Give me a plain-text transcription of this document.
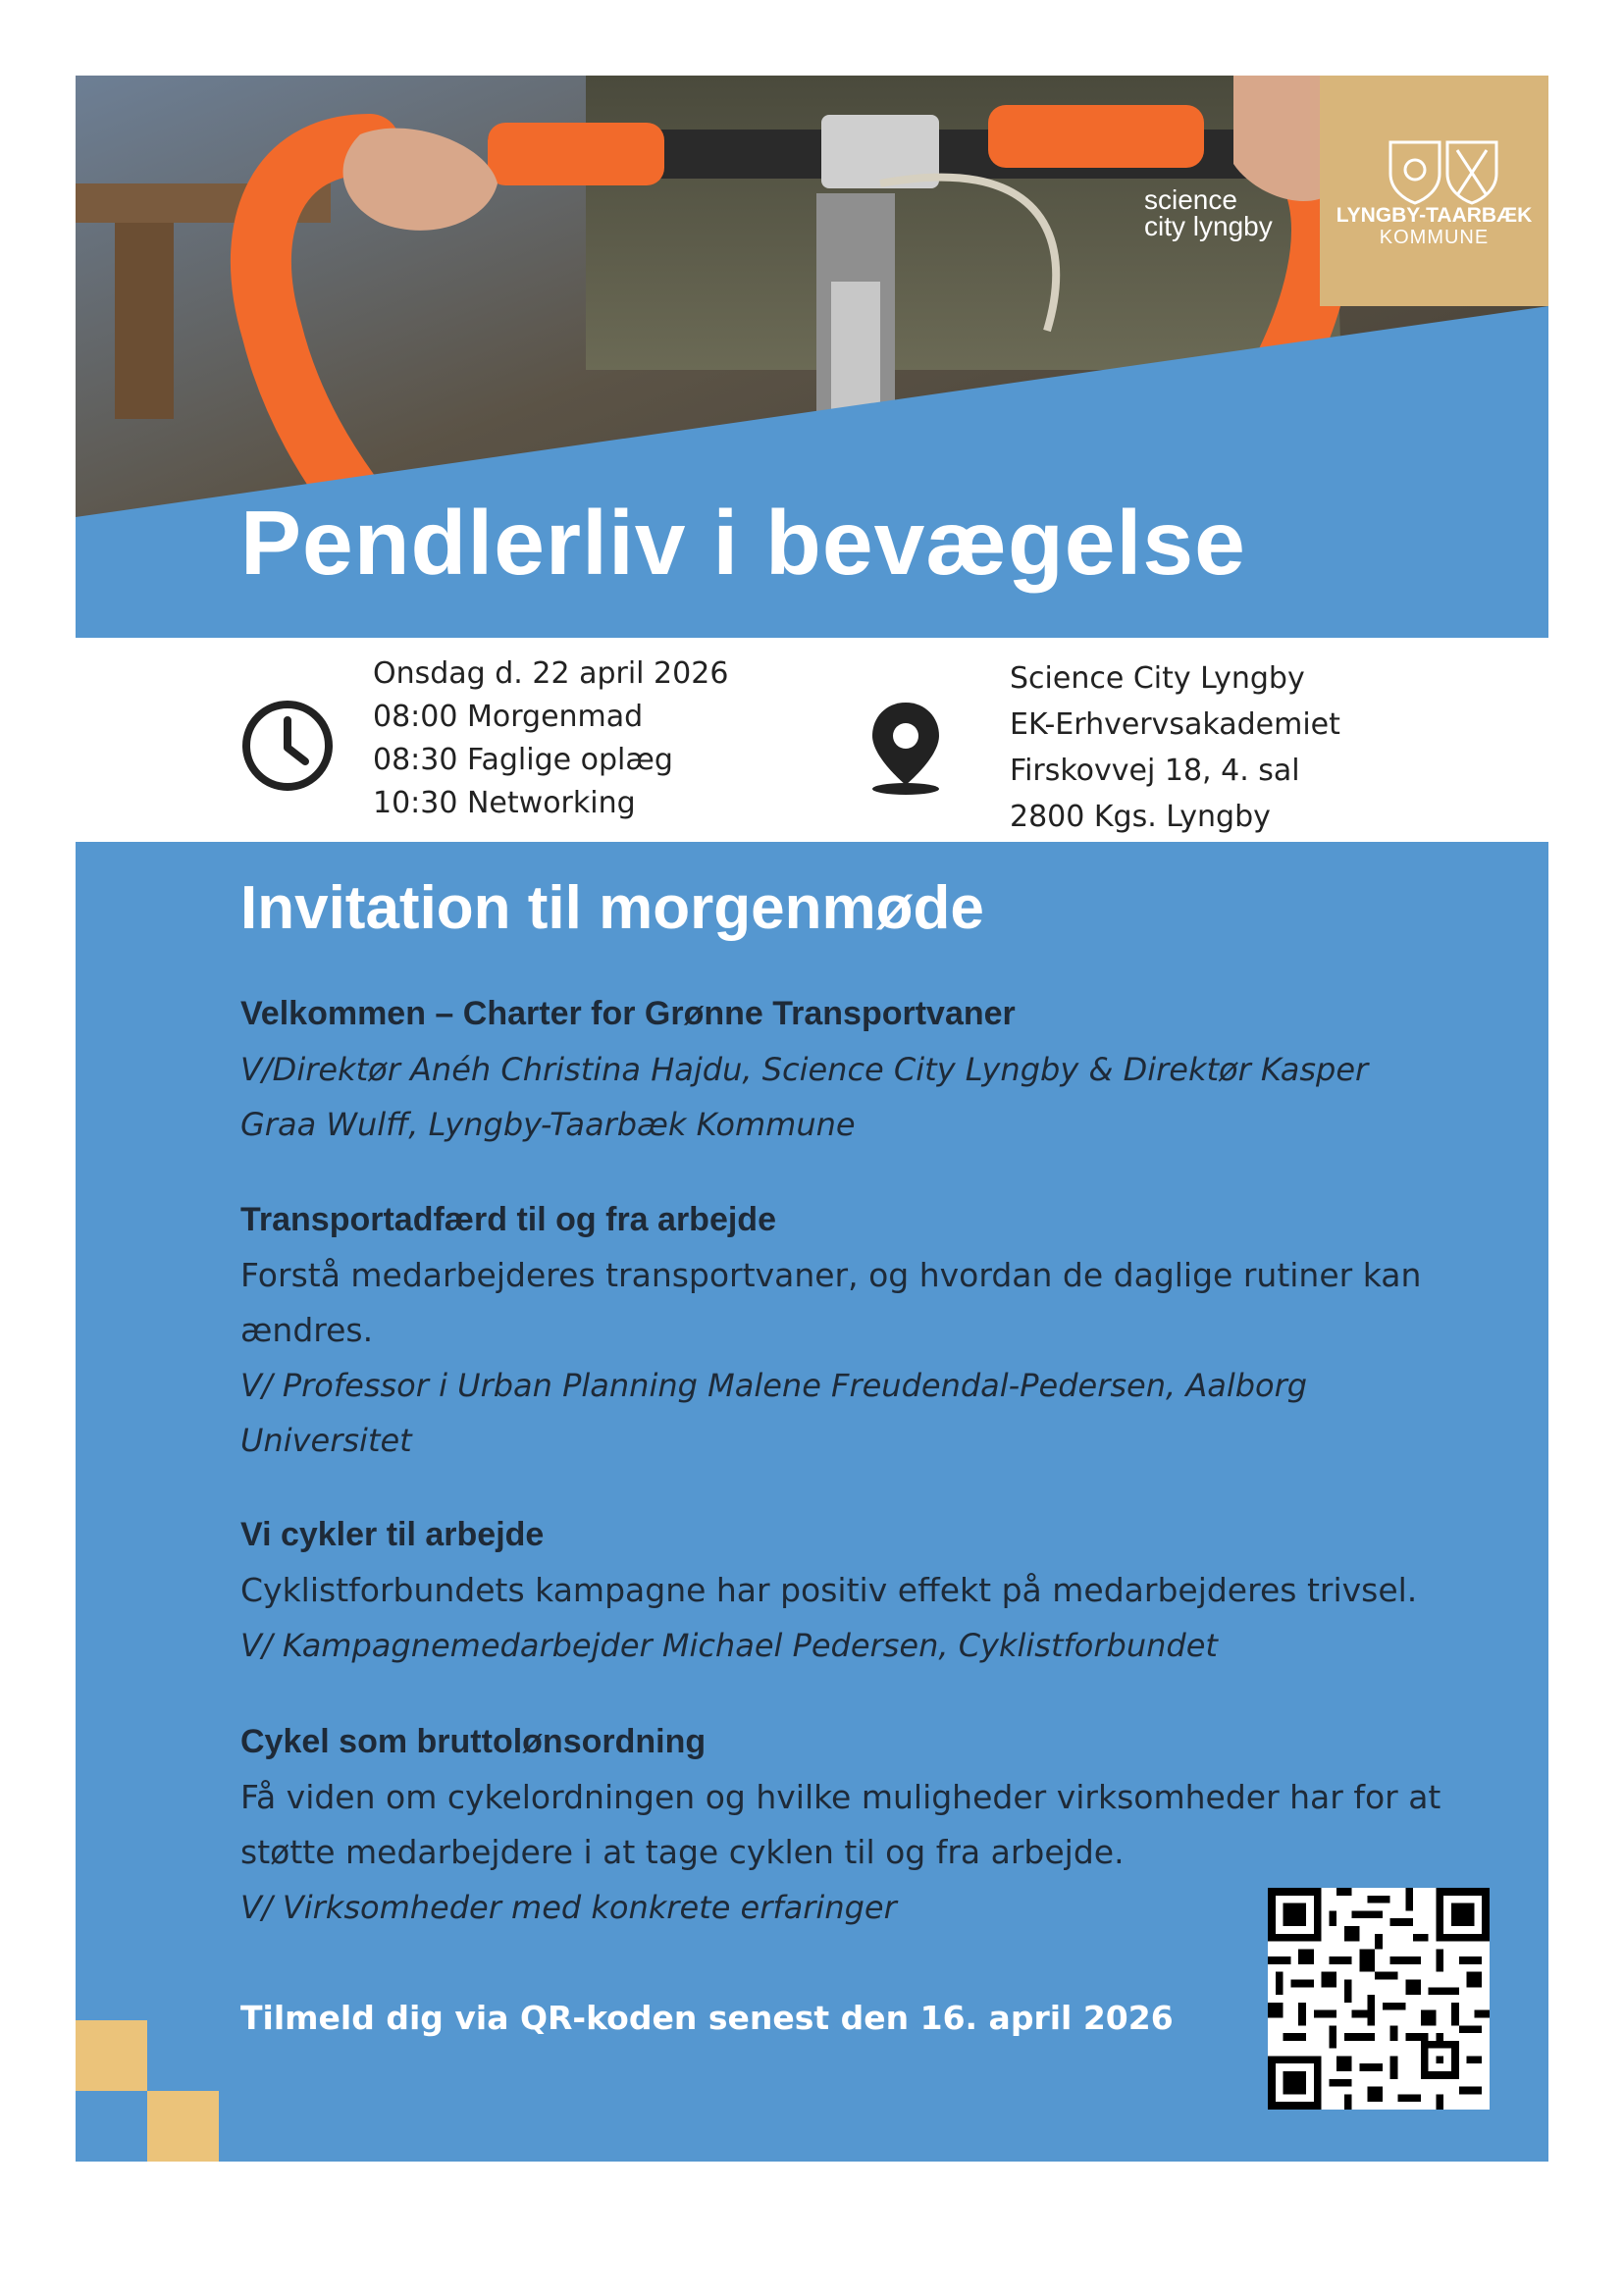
LYNGBY-TAARBÆK
KOMMUNE
science
city lyngby
Pendlerliv i bevægelse
Onsdag d. 22 april 2026
08:00 Morgenmad
08:30 Faglige oplæg
10:30 Networking
Science City Lyngby
EK-Erhvervsakademiet
Firskovvej 18, 4. sal
2800 Kgs. Lyngby
Invitation til morgenmøde

Velkommen – Charter for Grønne Transportvaner

V/Direktør Anéh Christina Hajdu, Science City Lyngby & Direktør Kasper Graa Wulff, Lyngby-Taarbæk Kommune

Transportadfærd til og fra arbejde

Forstå medarbejderes transportvaner, og hvordan de daglige rutiner kan ændres.

V/ Professor i Urban Planning Malene Freudendal-Pedersen, Aalborg Universitet

Vi cykler til arbejde

Cyklistforbundets kampagne har positiv effekt på medarbejderes trivsel.

V/ Kampagnemedarbejder Michael Pedersen, Cyklistforbundet

Cykel som bruttolønsordning

Få viden om cykelordningen og hvilke muligheder virksomheder har for at støtte medarbejdere i at tage cyklen til og fra arbejde.

V/ Virksomheder med konkrete erfaringer

Tilmeld dig via QR-koden senest den 16. april 2026
